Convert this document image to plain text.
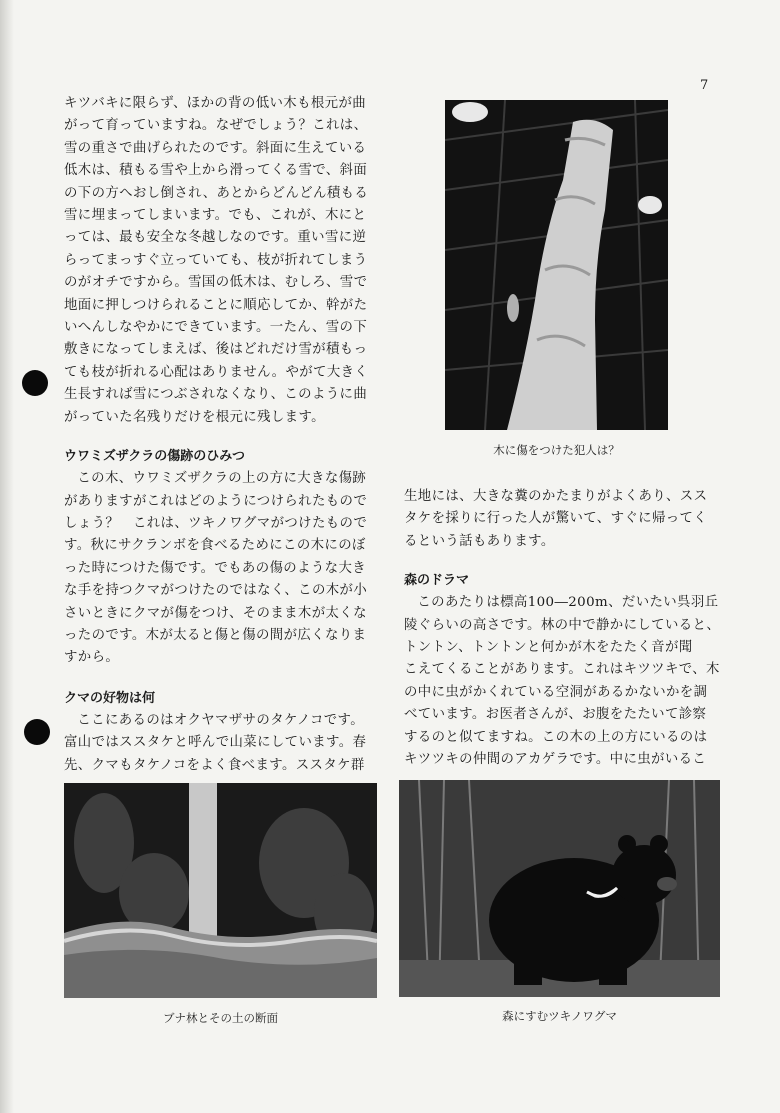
7

キツバキに限らず、ほかの背の低い木も根元が曲

がって育っていますね。なぜでしょう？これは、

雪の重さで曲げられたのです。斜面に生えている

低木は、積もる雪や上から滑ってくる雪で、斜面

の下の方へおし倒され、あとからどんどん積もる

雪に埋まってしまいます。でも、これが、木にと

っては、最も安全な冬越しなのです。重い雪に逆

らってまっすぐ立っていても、枝が折れてしまう

のがオチですから。雪国の低木は、むしろ、雪で

地面に押しつけられることに順応してか、幹がた

いへんしなやかにできています。一たん、雪の下

敷きになってしまえば、後はどれだけ雪が積もっ

ても枝が折れる心配はありません。やがて大きく

生長すれば雪につぶされなくなり、このように曲

がっていた名残りだけを根元に残します。

ウワミズザクラの傷跡のひみつ

この木、ウワミズザクラの上の方に大きな傷跡

がありますがこれはどのようにつけられたもので

しょう？　これは、ツキノワグマがつけたもので

す。秋にサクランボを食べるためにこの木にのぼ

った時につけた傷です。でもあの傷のような大き

な手を持つクマがつけたのではなく、この木が小

さいときにクマが傷をつけ、そのまま木が太くな

ったのです。木が太ると傷と傷の間が広くなりま

すから。

クマの好物は何

ここにあるのはオクヤマザサのタケノコです。

富山ではススタケと呼んで山菜にしています。春

先、クマもタケノコをよく食べます。ススタケ群

生地には、大きな糞のかたまりがよくあり、スス

タケを採りに行った人が驚いて、すぐに帰ってく

るという話もあります。

森のドラマ

このあたりは標高100―200m、だいたい呉羽丘

陵ぐらいの高さです。林の中で静かにしていると、

トントン、トントンと何かが木をたたく音が聞

こえてくることがあります。これはキツツキで、木

の中に虫がかくれている空洞があるかないかを調

べています。お医者さんが、お腹をたたいて診察

するのと似てますね。この木の上の方にいるのは

キツツキの仲間のアカゲラです。中に虫がいるこ

木に傷をつけた犯人は？
ブナ林とその土の断面	森にすむツキノワグマ
